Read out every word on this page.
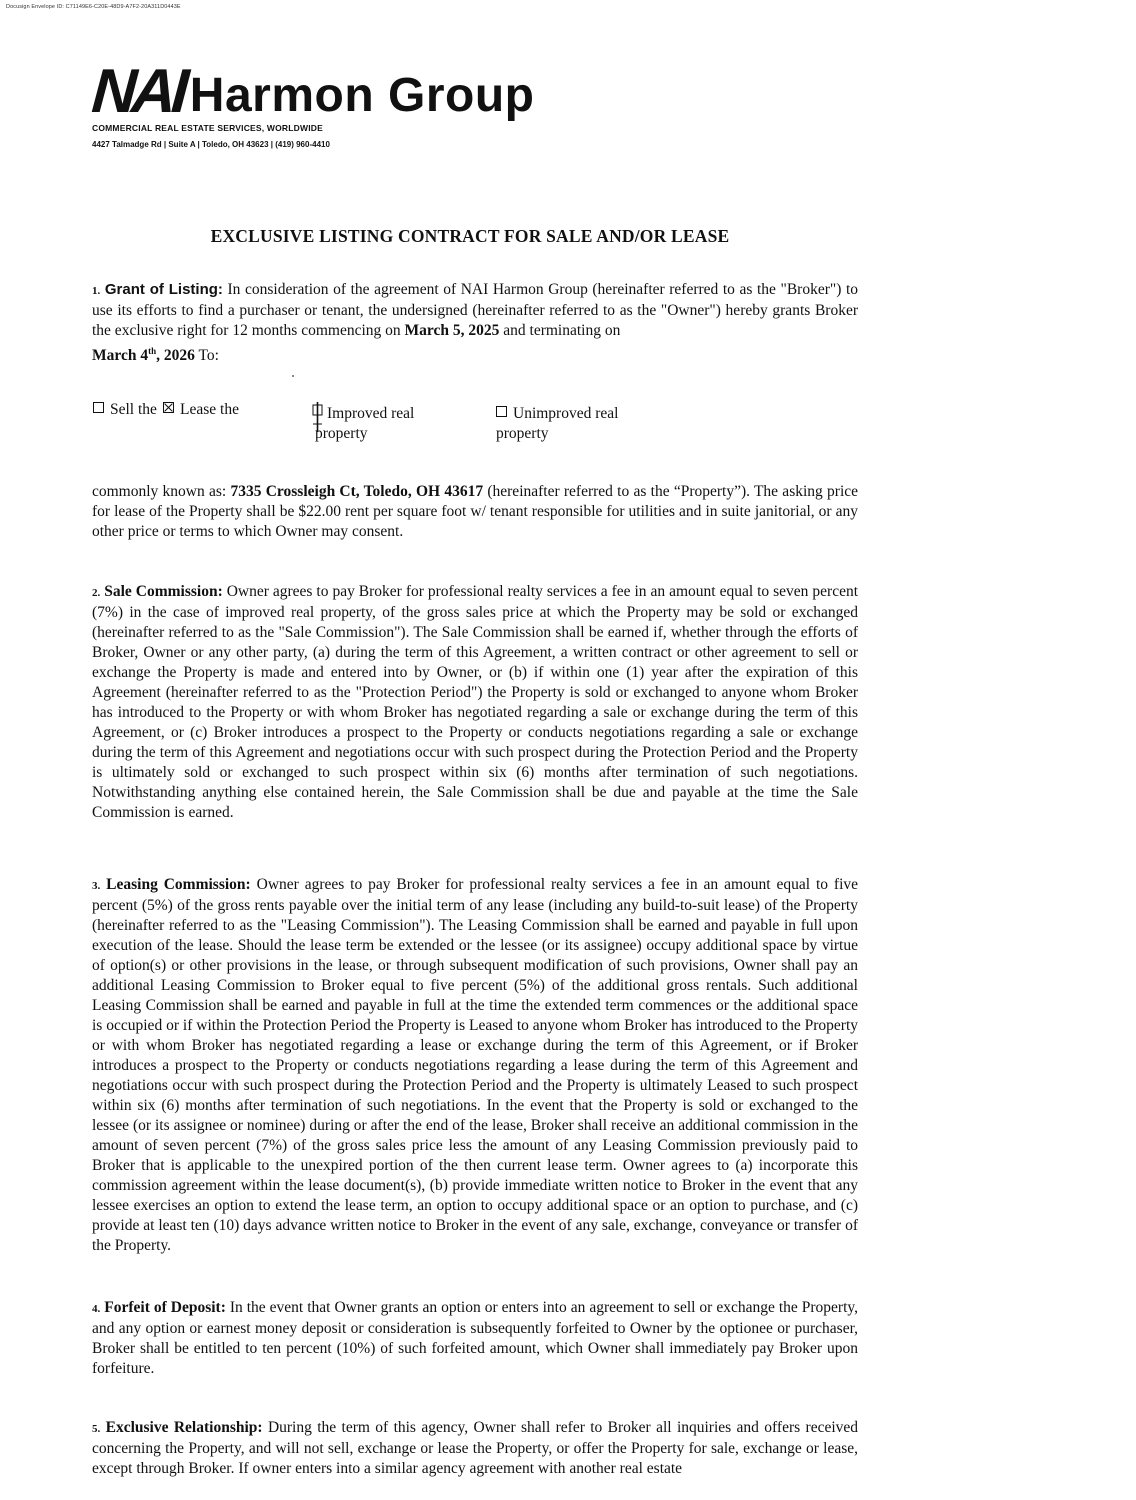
Docusign Envelope ID: C71149E6-C20E-48D9-A7F2-20A311D0443E
NAI Harmon Group
COMMERCIAL REAL ESTATE SERVICES, WORLDWIDE
4427 Talmadge Rd | Suite A | Toledo, OH 43623 | (419) 960-4410
EXCLUSIVE LISTING CONTRACT FOR SALE AND/OR LEASE
1. Grant of Listing: In consideration of the agreement of NAI Harmon Group (hereinafter referred to as the "Broker") to use its efforts to find a purchaser or tenant, the undersigned (hereinafter referred to as the "Owner") hereby grants Broker the exclusive right for 12 months commencing on March 5, 2025 and terminating on
March 4th, 2026 To:
Sell the	Lease the	Improved real
property
Unimproved real
property
commonly known as: 7335 Crossleigh Ct, Toledo, OH 43617 (hereinafter referred to as the “Property”). The asking price for lease of the Property shall be $22.00 rent per square foot w/ tenant responsible for utilities and in suite janitorial, or any other price or terms to which Owner may consent.
2. Sale Commission: Owner agrees to pay Broker for professional realty services a fee in an amount equal to seven percent (7%) in the case of improved real property, of the gross sales price at which the Property may be sold or exchanged (hereinafter referred to as the "Sale Commission"). The Sale Commission shall be earned if, whether through the efforts of Broker, Owner or any other party, (a) during the term of this Agreement, a written contract or other agreement to sell or exchange the Property is made and entered into by Owner, or (b) if within one (1) year after the expiration of this Agreement (hereinafter referred to as the "Protection Period") the Property is sold or exchanged to anyone whom Broker has introduced to the Property or with whom Broker has negotiated regarding a sale or exchange during the term of this Agreement, or (c) Broker introduces a prospect to the Property or conducts negotiations regarding a sale or exchange during the term of this Agreement and negotiations occur with such prospect during the Protection Period and the Property is ultimately sold or exchanged to such prospect within six (6) months after termination of such negotiations. Notwithstanding anything else contained herein, the Sale Commission shall be due and payable at the time the Sale Commission is earned.
3. Leasing Commission: Owner agrees to pay Broker for professional realty services a fee in an amount equal to five percent (5%) of the gross rents payable over the initial term of any lease (including any build-to-suit lease) of the Property (hereinafter referred to as the "Leasing Commission"). The Leasing Commission shall be earned and payable in full upon execution of the lease. Should the lease term be extended or the lessee (or its assignee) occupy additional space by virtue of option(s) or other provisions in the lease, or through subsequent modification of such provisions, Owner shall pay an additional Leasing Commission to Broker equal to five percent (5%) of the additional gross rentals. Such additional Leasing Commission shall be earned and payable in full at the time the extended term commences or the additional space is occupied or if within the Protection Period the Property is Leased to anyone whom Broker has introduced to the Property or with whom Broker has negotiated regarding a lease or exchange during the term of this Agreement, or if Broker introduces a prospect to the Property or conducts negotiations regarding a lease during the term of this Agreement and negotiations occur with such prospect during the Protection Period and the Property is ultimately Leased to such prospect within six (6) months after termination of such negotiations. In the event that the Property is sold or exchanged to the lessee (or its assignee or nominee) during or after the end of the lease, Broker shall receive an additional commission in the amount of seven percent (7%) of the gross sales price less the amount of any Leasing Commission previously paid to Broker that is applicable to the unexpired portion of the then current lease term. Owner agrees to (a) incorporate this commission agreement within the lease document(s), (b) provide immediate written notice to Broker in the event that any lessee exercises an option to extend the lease term, an option to occupy additional space or an option to purchase, and (c) provide at least ten (10) days advance written notice to Broker in the event of any sale, exchange, conveyance or transfer of the Property.
4. Forfeit of Deposit: In the event that Owner grants an option or enters into an agreement to sell or exchange the Property, and any option or earnest money deposit or consideration is subsequently forfeited to Owner by the optionee or purchaser, Broker shall be entitled to ten percent (10%) of such forfeited amount, which Owner shall immediately pay Broker upon forfeiture.
5. Exclusive Relationship: During the term of this agency, Owner shall refer to Broker all inquiries and offers received concerning the Property, and will not sell, exchange or lease the Property, or offer the Property for sale, exchange or lease, except through Broker. If owner enters into a similar agency agreement with another real estate
